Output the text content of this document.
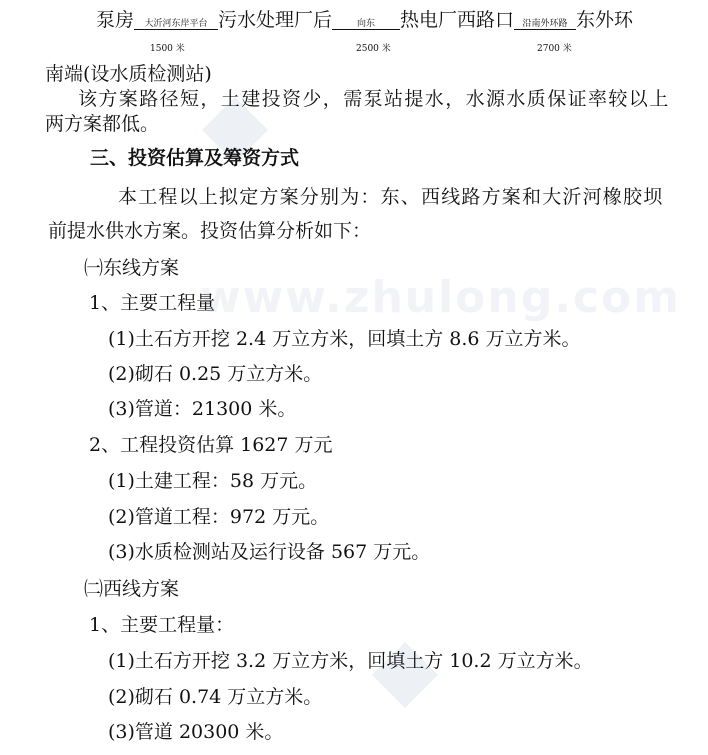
www.zhulong.com
泵房 大沂河东岸平台 污水处理厂后	向东 热电厂西路口 沿南外环路 东外环
1500 米	2500 米	2700 米
南端(设水质检测站)
该方案路径短，土建投资少，需泵站提水，水源水质保证率较以上
两方案都低。
三、投资估算及筹资方式
本工程以上拟定方案分别为：东、西线路方案和大沂河橡胶坝
前提水供水方案。投资估算分析如下：
㈠东线方案
1、主要工程量
(1)土石方开挖 2.4 万立方米，回填土方 8.6 万立方米。
(2)砌石 0.25 万立方米。
(3)管道：21300 米。
2、工程投资估算 1627 万元
(1)土建工程：58 万元。
(2)管道工程：972 万元。
(3)水质检测站及运行设备 567 万元。
㈡西线方案
1、主要工程量：
(1)土石方开挖 3.2 万立方米，回填土方 10.2 万立方米。
(2)砌石 0.74 万立方米。
(3)管道 20300 米。
